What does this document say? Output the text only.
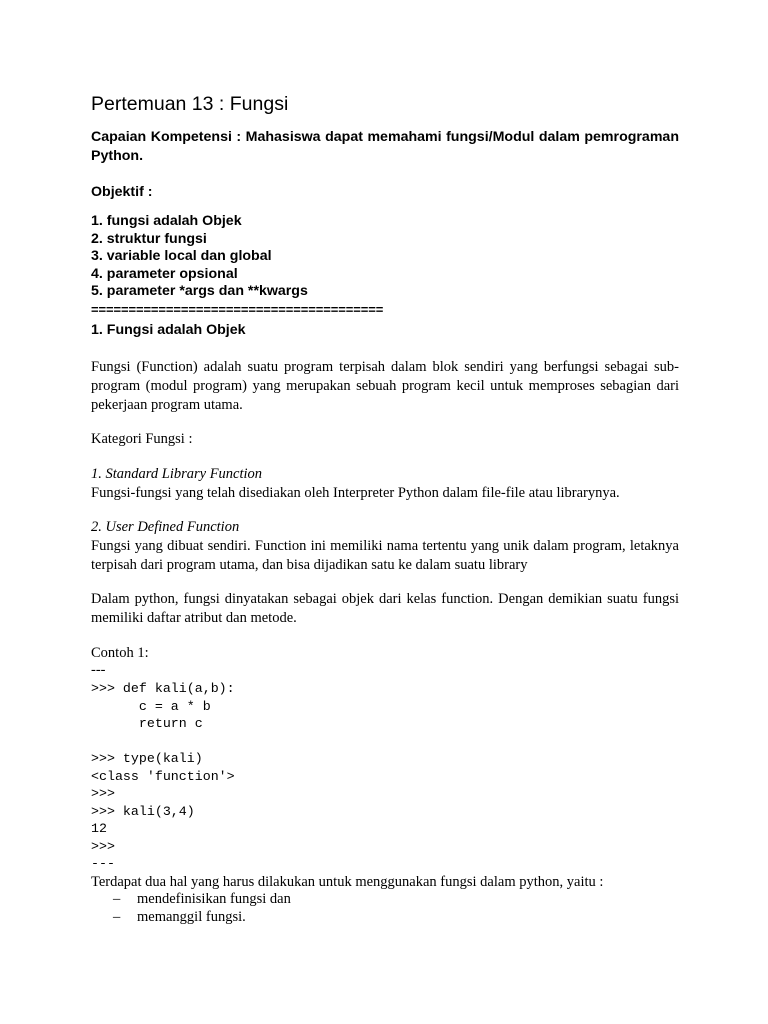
Pertemuan 13 : Fungsi
Capaian Kompetensi : Mahasiswa dapat memahami fungsi/Modul dalam pemrograman Python.
Objektif :
1. fungsi adalah Objek
2. struktur fungsi
3. variable local dan global
4. parameter opsional
5. parameter *args dan **kwargs
=======================================
1. Fungsi adalah Objek

Fungsi (Function) adalah suatu program terpisah dalam blok sendiri yang berfungsi sebagai sub-program (modul program) yang merupakan sebuah program kecil untuk memproses sebagian dari pekerjaan program utama.

Kategori Fungsi :

1. Standard Library Function

Fungsi-fungsi yang telah disediakan oleh Interpreter Python dalam file-file atau librarynya.

2. User Defined Function

Fungsi yang dibuat sendiri. Function ini memiliki nama tertentu yang unik dalam program, letaknya terpisah dari program utama, dan bisa dijadikan satu ke dalam suatu library

Dalam python, fungsi dinyatakan sebagai objek dari kelas function. Dengan demikian suatu fungsi memiliki daftar atribut dan metode.

Contoh 1:

---

>>> def kali(a,b):
c = a * b
return c

>>> type(kali)
<class 'function'>
>>>
>>> kali(3,4)
12
>>>
---

Terdapat dua hal yang harus dilakukan untuk menggunakan fungsi dalam python, yaitu :

– mendefinisikan fungsi dan
– memanggil fungsi.
